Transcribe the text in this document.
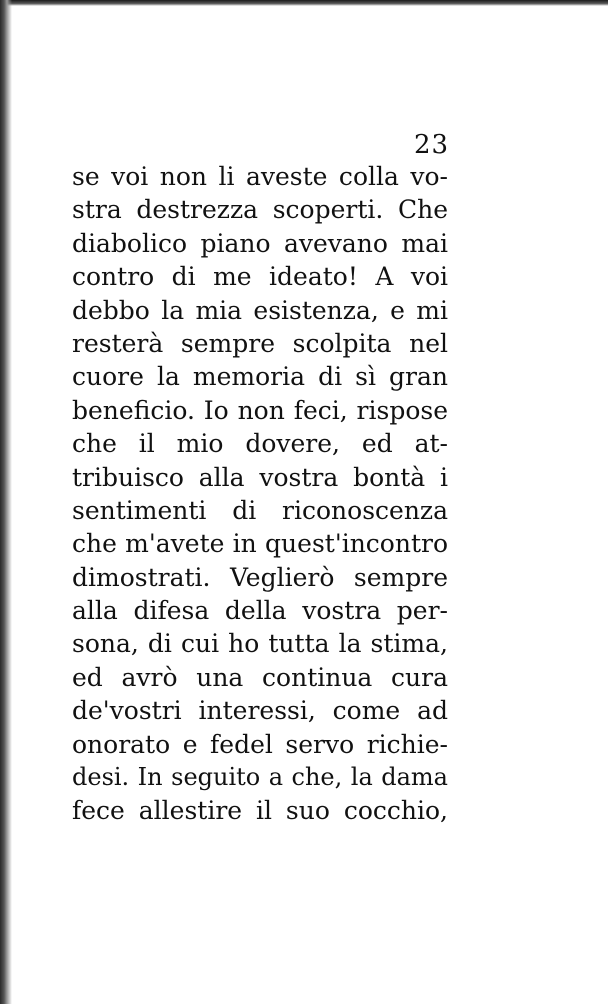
23
se voi non li aveste colla vo-
stra destrezza scoperti. Che
diabolico piano avevano mai
contro di me ideato! A voi
debbo la mia esistenza, e mi
resterà sempre scolpita nel
cuore la memoria di sì gran
beneficio. Io non feci, rispose
che il mio dovere, ed at-
tribuisco alla vostra bontà i
sentimenti di riconoscenza
che m'avete in quest'incontro
dimostrati. Veglierò sempre
alla difesa della vostra per-
sona, di cui ho tutta la stima,
ed avrò una continua cura
de'vostri interessi, come ad
onorato e fedel servo richie-
desi. In seguito a che, la dama
fece allestire il suo cocchio,
